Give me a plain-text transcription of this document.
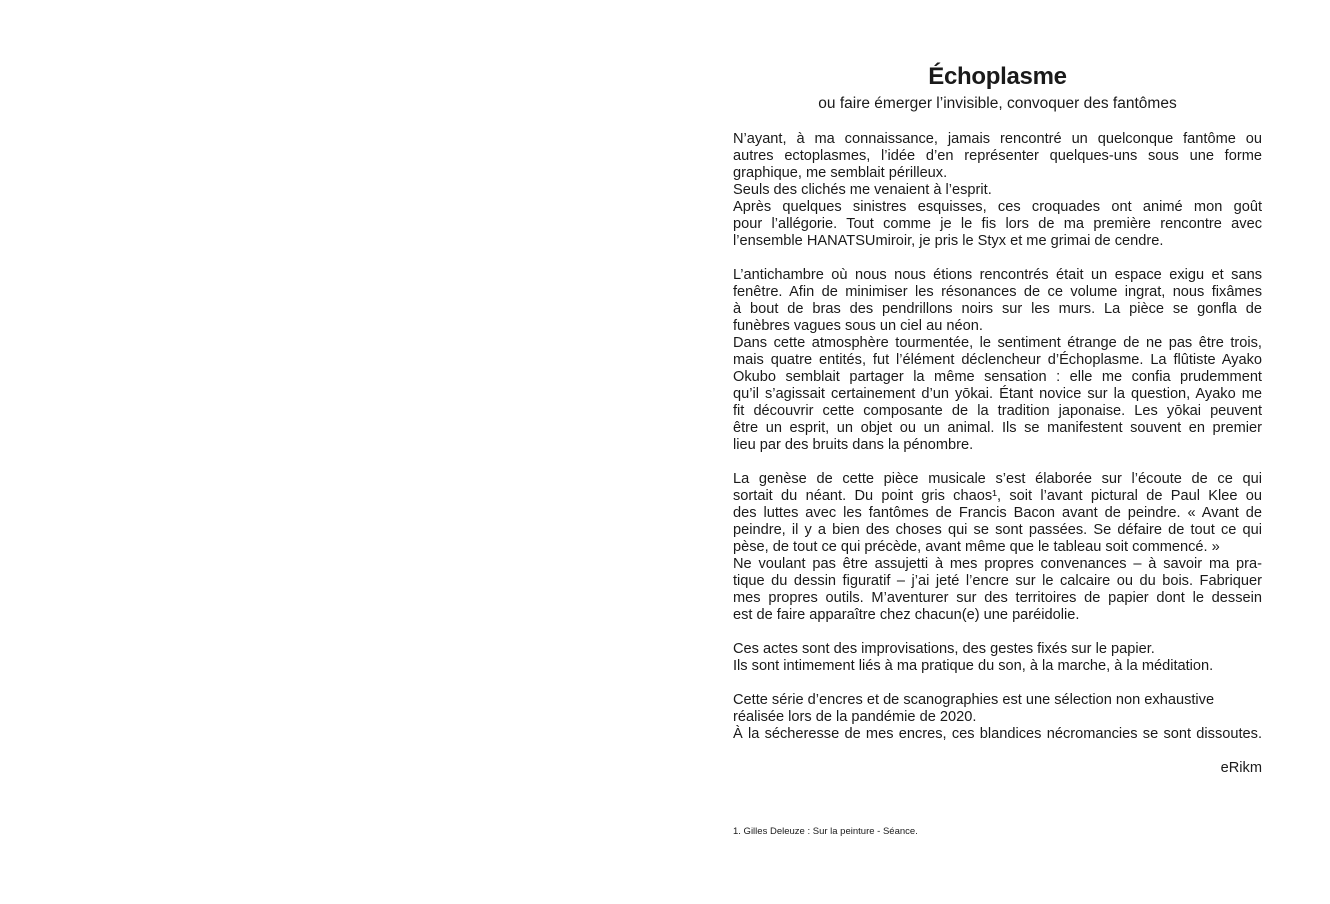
Échoplasme

ou faire émerger l’invisible, convoquer des fantômes

N’ayant, à ma connaissance, jamais rencontré un quelconque fantôme ou
autres ectoplasmes, l’idée d’en représenter quelques-uns sous une forme
graphique, me semblait périlleux.
Seuls des clichés me venaient à l’esprit.
Après quelques sinistres esquisses, ces croquades ont animé mon goût
pour l’allégorie. Tout comme je le fis lors de ma première rencontre avec
l’ensemble HANATSUmiroir, je pris le Styx et me grimai de cendre.
L’antichambre où nous nous étions rencontrés était un espace exigu et sans
fenêtre. Afin de minimiser les résonances de ce volume ingrat, nous fixâmes
à bout de bras des pendrillons noirs sur les murs. La pièce se gonfla de
funèbres vagues sous un ciel au néon.
Dans cette atmosphère tourmentée, le sentiment étrange de ne pas être trois,
mais quatre entités, fut l’élément déclencheur d’Échoplasme. La flûtiste Ayako
Okubo semblait partager la même sensation : elle me confia prudemment
qu’il s’agissait certainement d’un yōkai. Étant novice sur la question, Ayako me
fit découvrir cette composante de la tradition japonaise. Les yōkai peuvent
être un esprit, un objet ou un animal. Ils se manifestent souvent en premier
lieu par des bruits dans la pénombre.
La genèse de cette pièce musicale s’est élaborée sur l’écoute de ce qui
sortait du néant. Du point gris chaos¹, soit l’avant pictural de Paul Klee ou
des luttes avec les fantômes de Francis Bacon avant de peindre. « Avant de
peindre, il y a bien des choses qui se sont passées. Se défaire de tout ce qui
pèse, de tout ce qui précède, avant même que le tableau soit commencé. »
Ne voulant pas être assujetti à mes propres convenances – à savoir ma pra-
tique du dessin figuratif – j’ai jeté l’encre sur le calcaire ou du bois. Fabriquer
mes propres outils. M’aventurer sur des territoires de papier dont le dessein
est de faire apparaître chez chacun(e) une paréidolie.
Ces actes sont des improvisations, des gestes fixés sur le papier.
Ils sont intimement liés à ma pratique du son, à la marche, à la méditation.
Cette série d’encres et de scanographies est une sélection non exhaustive
réalisée lors de la pandémie de 2020.
À la sécheresse de mes encres, ces blandices nécromancies se sont dissoutes.
eRikm
1. Gilles Deleuze : Sur la peinture - Séance.
